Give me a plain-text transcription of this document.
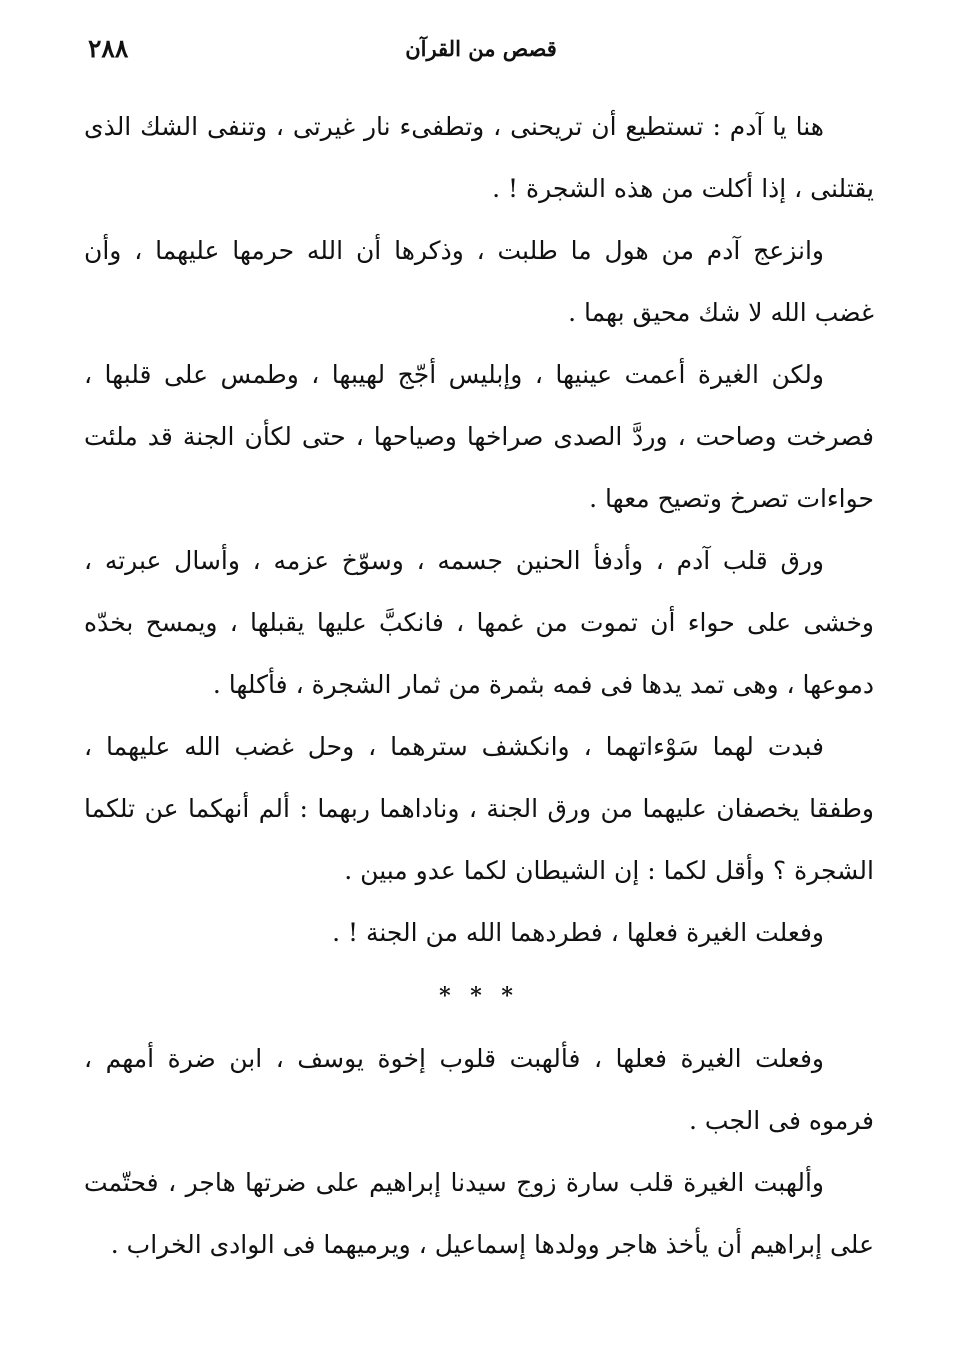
٢٨٨	قصص من القرآن

هنا يا آدم : تستطيع أن تريحنى ، وتطفىء نار غيرتى ، وتنفى الشك الذى يقتلنى ، إذا أكلت من هذه الشجرة ! .

وانزعج آدم من هول ما طلبت ، وذكرها أن الله حرمها عليهما ، وأن غضب الله لا شك محيق بهما .

ولكن الغيرة أعمت عينيها ، وإبليس أجّج لهيبها ، وطمس على قلبها ، فصرخت وصاحت ، وردَّ الصدى صراخها وصياحها ، حتى لكأن الجنة قد ملئت حواءات تصرخ وتصيح معها .

ورق قلب آدم ، وأدفأ الحنين جسمه ، وسوّخ عزمه ، وأسال عبرته ، وخشى على حواء أن تموت من غمها ، فانكبَّ عليها يقبلها ، ويمسح بخدّه دموعها ، وهى تمد يدها فى فمه بثمرة من ثمار الشجرة ، فأكلها .

فبدت لهما سَوْءاتهما ، وانكشف سترهما ، وحل غضب الله عليهما ، وطفقا يخصفان عليهما من ورق الجنة ، وناداهما ربهما : ألم أنهكما عن تلكما الشجرة ؟ وأقل لكما : إن الشيطان لكما عدو مبين .

وفعلت الغيرة فعلها ، فطردهما الله من الجنة ! .

* * *

وفعلت الغيرة فعلها ، فألهبت قلوب إخوة يوسف ، ابن ضرة أمهم ، فرموه فى الجب .

وألهبت الغيرة قلب سارة زوج سيدنا إبراهيم على ضرتها هاجر ، فحتّمت على إبراهيم أن يأخذ هاجر وولدها إسماعيل ، ويرميهما فى الوادى الخراب .
